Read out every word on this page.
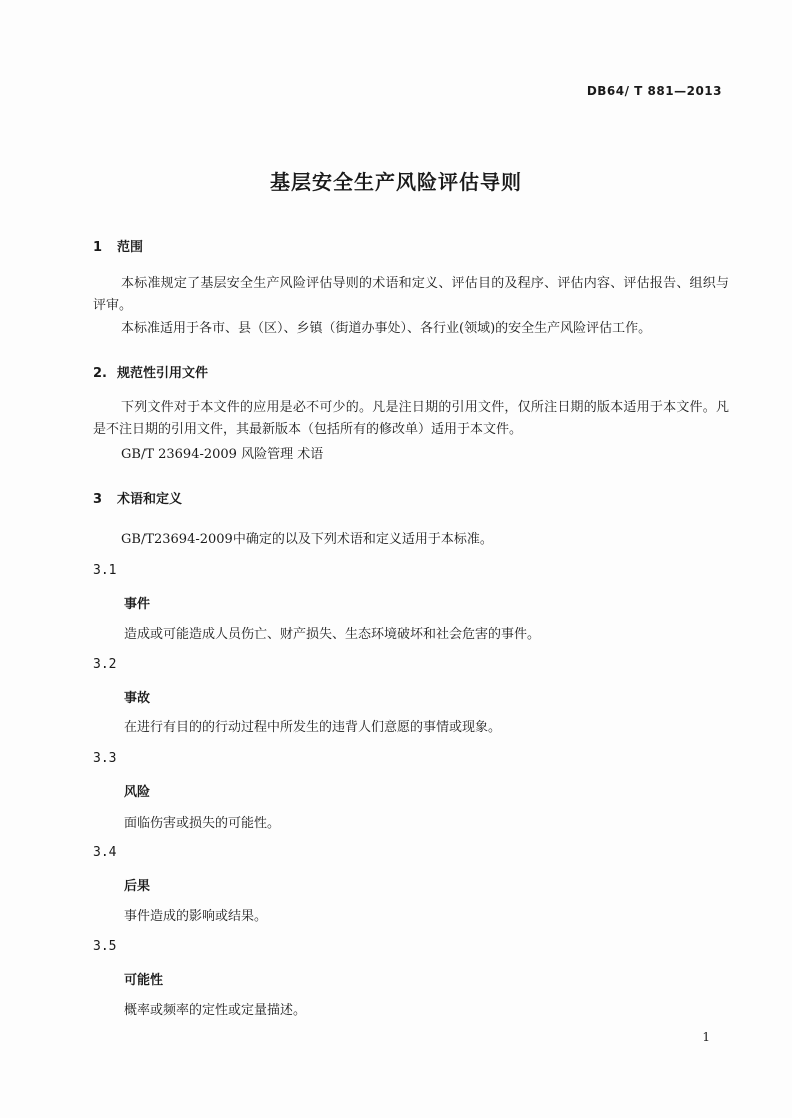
DB64/ T 881—2013
基层安全生产风险评估导则
1 范围
本标准规定了基层安全生产风险评估导则的术语和定义、评估目的及程序、评估内容、评估报告、组织与评审。
本标准适用于各市、县（区）、乡镇（街道办事处）、各行业(领域)的安全生产风险评估工作。
2. 规范性引用文件
下列文件对于本文件的应用是必不可少的。凡是注日期的引用文件，仅所注日期的版本适用于本文件。凡是不注日期的引用文件，其最新版本（包括所有的修改单）适用于本文件。
GB/T 23694-2009 风险管理 术语
3 术语和定义
GB/T23694-2009中确定的以及下列术语和定义适用于本标准。
3.1
事件
造成或可能造成人员伤亡、财产损失、生态环境破坏和社会危害的事件。
3.2
事故
在进行有目的的行动过程中所发生的违背人们意愿的事情或现象。
3.3
风险
面临伤害或损失的可能性。
3.4
后果
事件造成的影响或结果。
3.5
可能性
概率或频率的定性或定量描述。
1
